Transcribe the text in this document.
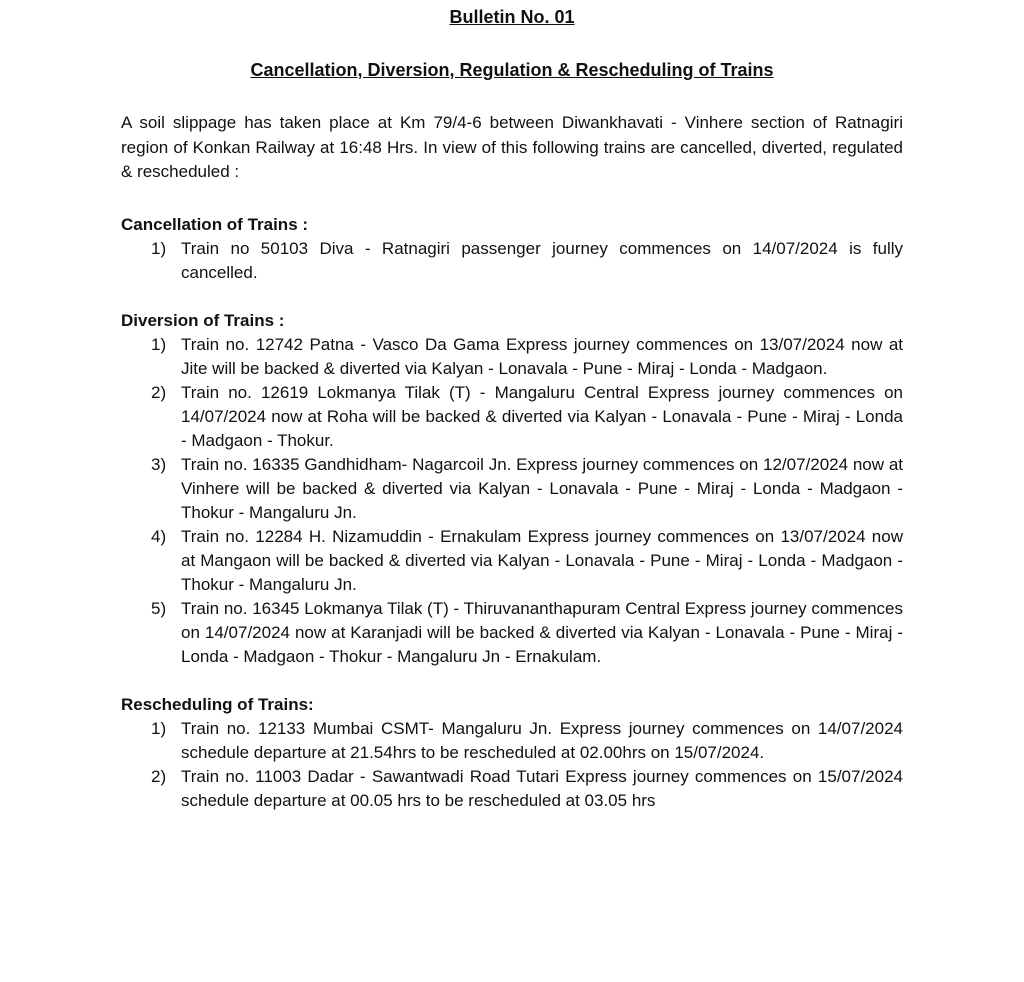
Bulletin No. 01
Cancellation, Diversion, Regulation & Rescheduling of Trains

A soil slippage has taken place at Km 79/4-6 between Diwankhavati - Vinhere section of Ratnagiri region of Konkan Railway at 16:48 Hrs. In view of this following trains are cancelled, diverted, regulated & rescheduled :

Cancellation of Trains :
1) Train no 50103 Diva - Ratnagiri passenger journey commences on 14/07/2024 is fully cancelled.
Diversion of Trains :
1) Train no. 12742 Patna - Vasco Da Gama Express journey commences on 13/07/2024 now at Jite will be backed & diverted via Kalyan - Lonavala - Pune - Miraj - Londa - Madgaon.
2) Train no. 12619 Lokmanya Tilak (T) - Mangaluru Central Express journey commences on 14/07/2024 now at Roha will be backed & diverted via Kalyan - Lonavala - Pune - Miraj - Londa - Madgaon - Thokur.
3) Train no. 16335 Gandhidham- Nagarcoil Jn. Express journey commences on 12/07/2024 now at Vinhere will be backed & diverted via Kalyan - Lonavala - Pune - Miraj - Londa - Madgaon - Thokur - Mangaluru Jn.
4) Train no. 12284 H. Nizamuddin - Ernakulam Express journey commences on 13/07/2024 now at Mangaon will be backed & diverted via Kalyan - Lonavala - Pune - Miraj - Londa - Madgaon - Thokur - Mangaluru Jn.
5) Train no. 16345 Lokmanya Tilak (T) - Thiruvananthapuram Central Express journey commences on 14/07/2024 now at Karanjadi will be backed & diverted via Kalyan - Lonavala - Pune - Miraj - Londa - Madgaon - Thokur - Mangaluru Jn - Ernakulam.
Rescheduling of Trains:
1) Train no. 12133 Mumbai CSMT- Mangaluru Jn. Express journey commences on 14/07/2024 schedule departure at 21.54hrs to be rescheduled at 02.00hrs on 15/07/2024.
2) Train no. 11003 Dadar - Sawantwadi Road Tutari Express journey commences on 15/07/2024 schedule departure at 00.05 hrs to be rescheduled at 03.05 hrs
